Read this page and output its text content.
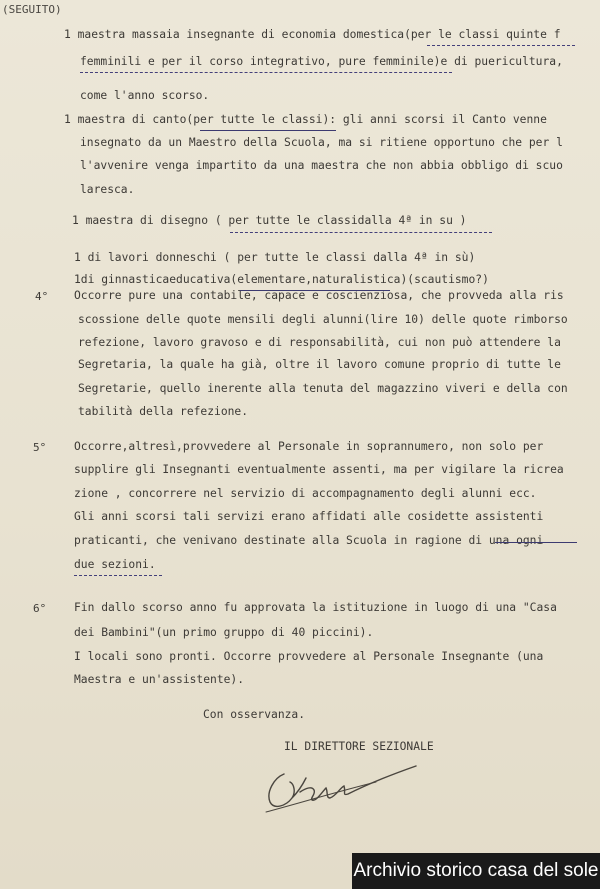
(SEGUITO)
1 maestra massaia insegnante di economia domestica(per le classi quinte f
femminili e per il corso integrativo, pure femminile)e di puericultura,
come l'anno scorso.
1 maestra di canto(per tutte le classi): gli anni scorsi il Canto venne
insegnato da un Maestro della Scuola, ma si ritiene opportuno che per l
l'avvenire venga impartito da una maestra che non abbia obbligo di scuo
laresca.
1 maestra di disegno ( per tutte le classidalla 4ª in su )
1 di lavori donneschi ( per tutte le classi dalla 4ª in sù)
1di ginnasticaeducativa(elementare,naturalistica)(scautismo?)
4° Occorre pure una contabile, capace e coscienziosa, che provveda alla ris
scossione delle quote mensili degli alunni(lire 10) delle quote rimborso
refezione, lavoro gravoso e di responsabilità, cui non può attendere la
Segretaria, la quale ha già, oltre il lavoro comune proprio di tutte le
Segretarie, quello inerente alla tenuta del magazzino viveri e della con
tabilità della refezione.
5° Occorre,altresì,provvedere al Personale in soprannumero, non solo per
supplire gli Insegnanti eventualmente assenti, ma per vigilare la ricrea
zione , concorrere nel servizio di accompagnamento degli alunni ecc.
Gli anni scorsi tali servizi erano affidati alle cosidette assistenti
praticanti, che venivano destinate alla Scuola in ragione di una ogni
due sezioni.
6° Fin dallo scorso anno fu approvata la istituzione in luogo di una "Casa
dei Bambini"(un primo gruppo di 40 piccini).
I locali sono pronti. Occorre provvedere al Personale Insegnante (una
Maestra e un'assistente).
Con osservanza.
IL DIRETTORE SEZIONALE
Archivio storico casa del sole
